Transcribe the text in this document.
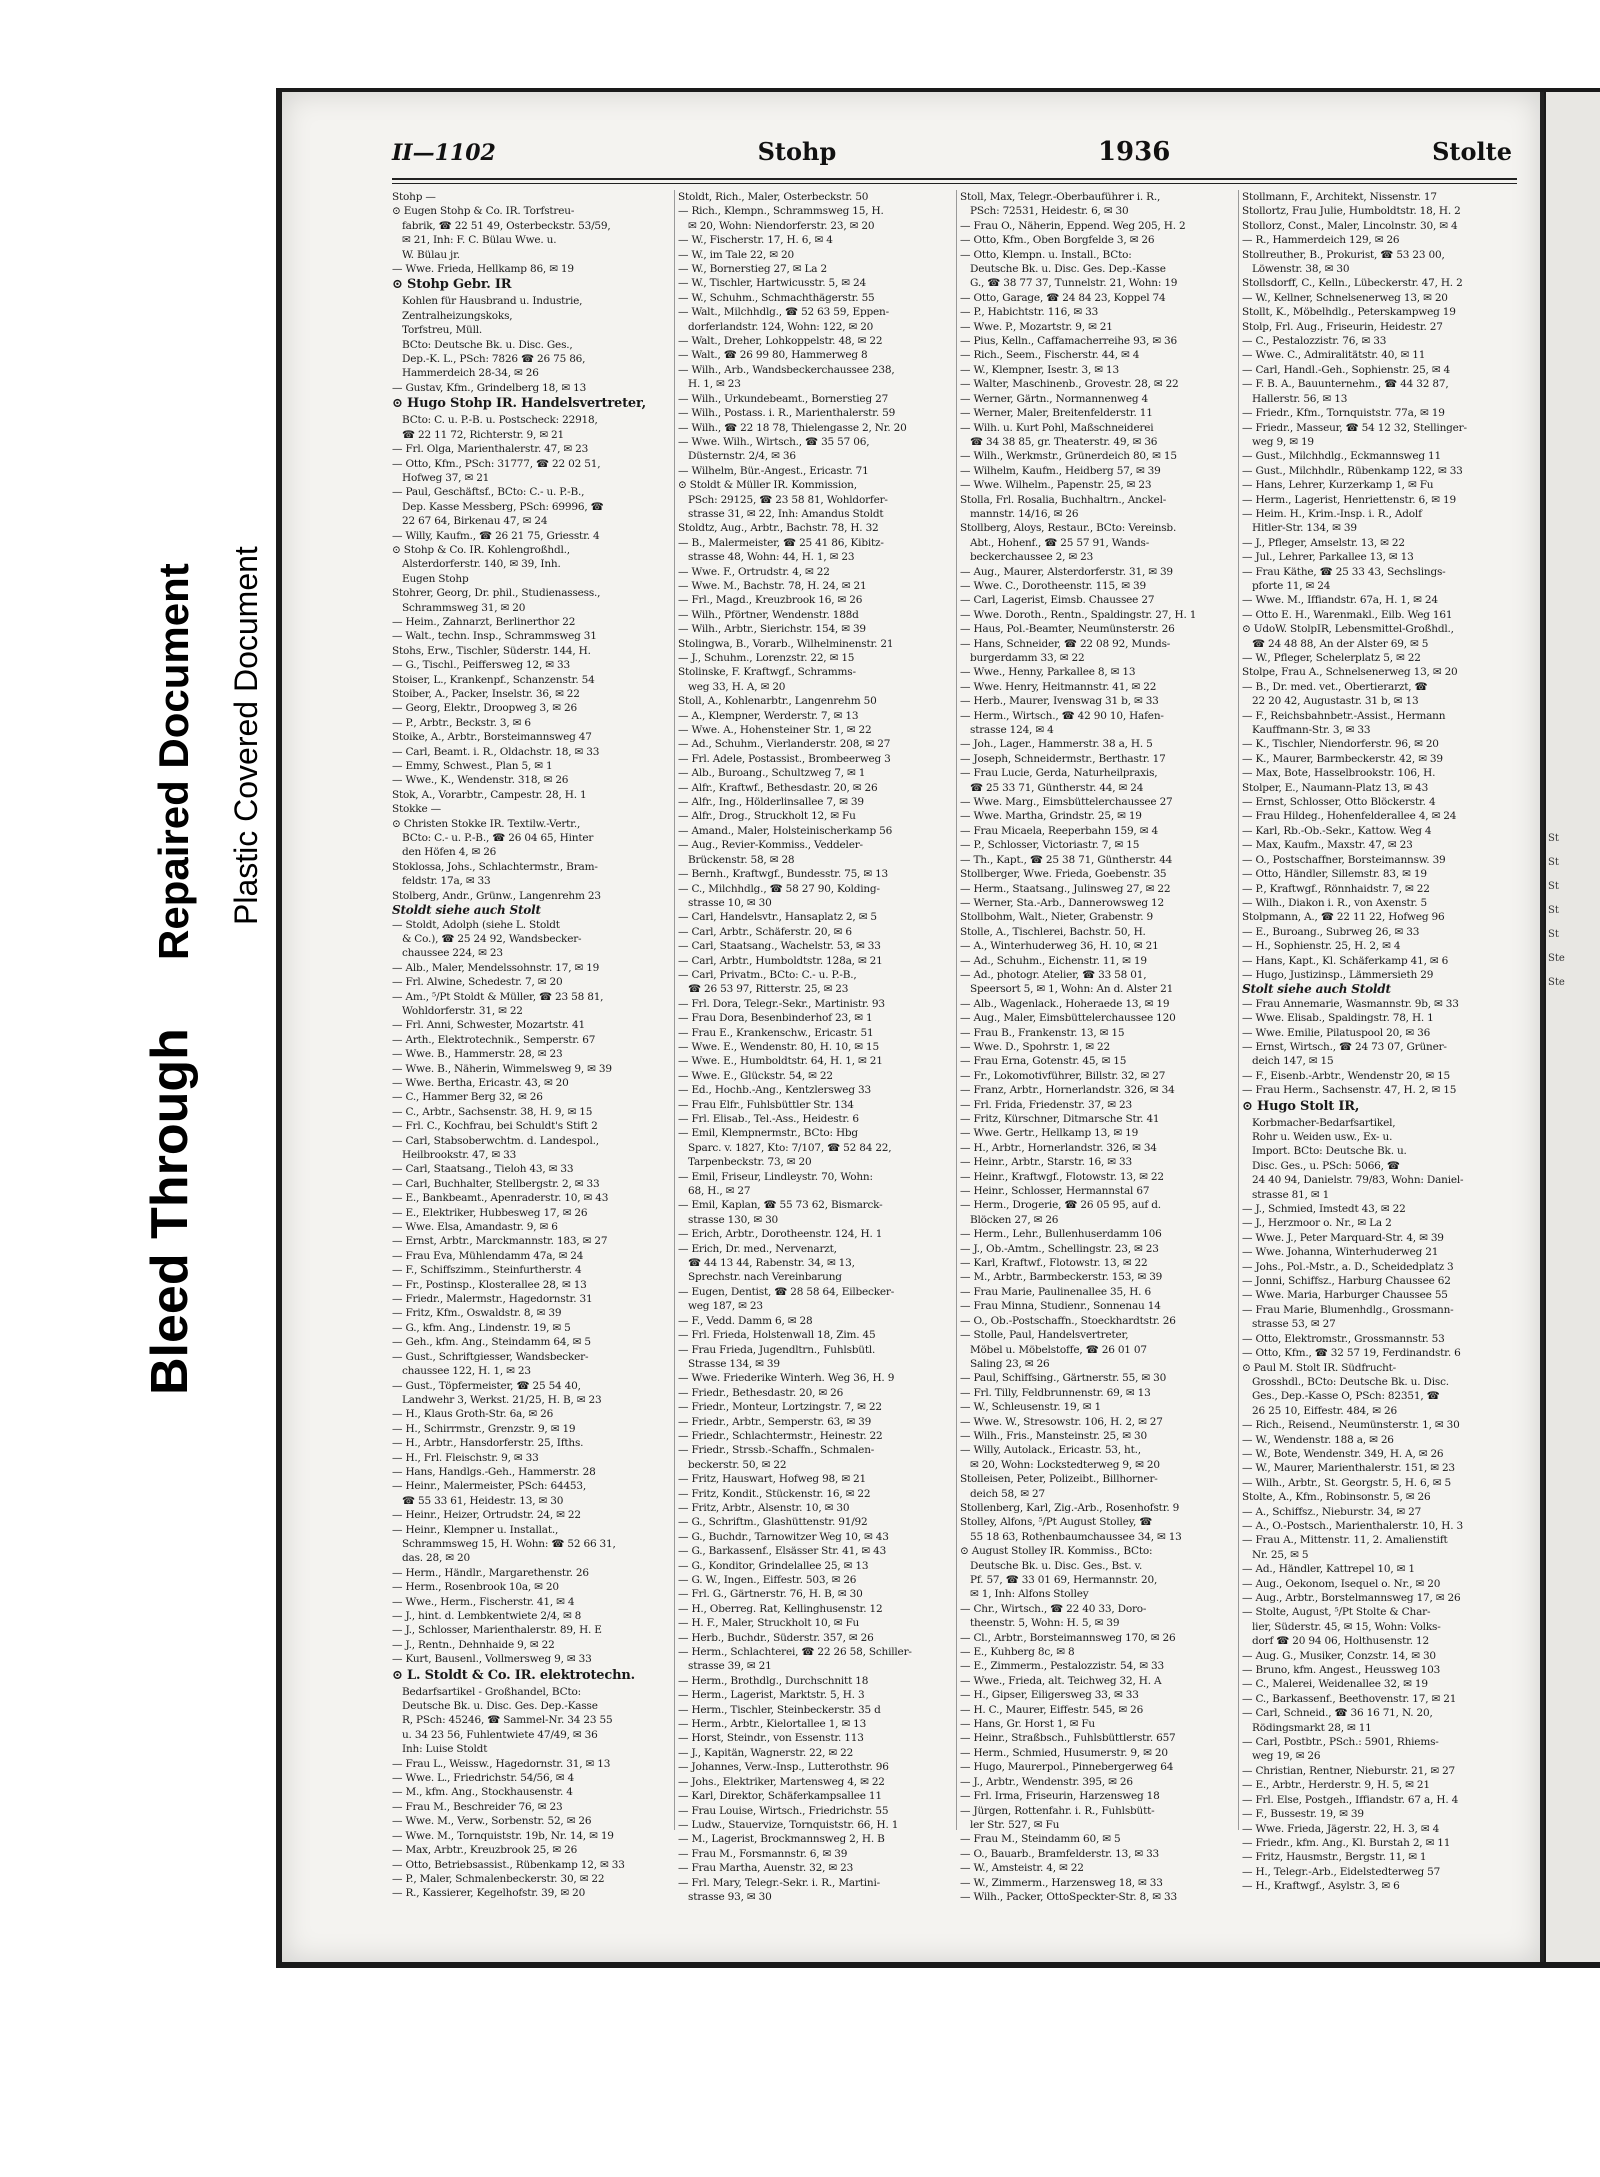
Bleed Through
Repaired Document Plastic Covered Document
II—1102	Stohp	1936	Stolte
Stohp —
⊙ Eugen Stohp & Co. IR. Torfstreu-
fabrik, ☎ 22 51 49, Osterbeckstr. 53/59,
✉ 21, Inh: F. C. Bülau Wwe. u.
W. Bülau jr.
— Wwe. Frieda, Hellkamp 86, ✉ 19
⊙ Stohp Gebr. IR
Kohlen für Hausbrand u. Industrie,
Zentralheizungskoks,
Torfstreu, Müll.
BCto: Deutsche Bk. u. Disc. Ges.,
Dep.-K. L., PSch: 7826 ☎ 26 75 86,
Hammerdeich 28-34, ✉ 26
— Gustav, Kfm., Grindelberg 18, ✉ 13
⊙ Hugo Stohp IR. Handelsvertreter,
BCto: C. u. P.-B. u. Postscheck: 22918,
☎ 22 11 72, Richterstr. 9, ✉ 21
— Frl. Olga, Marienthalerstr. 47, ✉ 23
— Otto, Kfm., PSch: 31777, ☎ 22 02 51,
Hofweg 37, ✉ 21
— Paul, Geschäftsf., BCto: C.- u. P.-B.,
Dep. Kasse Messberg, PSch: 69996, ☎
22 67 64, Birkenau 47, ✉ 24
— Willy, Kaufm., ☎ 26 21 75, Griesstr. 4
⊙ Stohp & Co. IR. Kohlengroßhdl.,
Alsterdorferstr. 140, ✉ 39, Inh.
Eugen Stohp
Stohrer, Georg, Dr. phil., Studienassess.,
Schrammsweg 31, ✉ 20
— Heim., Zahnarzt, Berlinerthor 22
— Walt., techn. Insp., Schrammsweg 31
Stohs, Erw., Tischler, Süderstr. 144, H.
— G., Tischl., Peiffersweg 12, ✉ 33
Stoiser, L., Krankenpf., Schanzenstr. 54
Stoiber, A., Packer, Inselstr. 36, ✉ 22
— Georg, Elektr., Droopweg 3, ✉ 26
— P., Arbtr., Beckstr. 3, ✉ 6
Stoike, A., Arbtr., Borsteimannsweg 47
— Carl, Beamt. i. R., Oldachstr. 18, ✉ 33
— Emmy, Schwest., Plan 5, ✉ 1
— Wwe., K., Wendenstr. 318, ✉ 26
Stok, A., Vorarbtr., Campestr. 28, H. 1
Stokke —
⊙ Christen Stokke IR. Textilw.-Vertr.,
BCto: C.- u. P.-B., ☎ 26 04 65, Hinter
den Höfen 4, ✉ 26
Stoklossa, Johs., Schlachtermstr., Bram-
feldstr. 17a, ✉ 33
Stolberg, Andr., Grünw., Langenrehm 23
Stoldt siehe auch Stolt
— Stoldt, Adolph (siehe L. Stoldt
& Co.), ☎ 25 24 92, Wandsbecker-
chaussee 224, ✉ 23
— Alb., Maler, Mendelssohnstr. 17, ✉ 19
— Frl. Alwine, Schedestr. 7, ✉ 20
— Am., ⁵/Pt Stoldt & Müller, ☎ 23 58 81,
Wohldorferstr. 31, ✉ 22
— Frl. Anni, Schwester, Mozartstr. 41
— Arth., Elektrotechnik., Semperstr. 67
— Wwe. B., Hammerstr. 28, ✉ 23
— Wwe. B., Näherin, Wimmelsweg 9, ✉ 39
— Wwe. Bertha, Ericastr. 43, ✉ 20
— C., Hammer Berg 32, ✉ 26
— C., Arbtr., Sachsenstr. 38, H. 9, ✉ 15
— Frl. C., Kochfrau, bei Schuldt's Stift 2
— Carl, Stabsoberwchtm. d. Landespol.,
Heilbrookstr. 47, ✉ 33
— Carl, Staatsang., Tieloh 43, ✉ 33
— Carl, Buchhalter, Stellbergstr. 2, ✉ 33
— E., Bankbeamt., Apenraderstr. 10, ✉ 43
— E., Elektriker, Hubbesweg 17, ✉ 26
— Wwe. Elsa, Amandastr. 9, ✉ 6
— Ernst, Arbtr., Marckmannstr. 183, ✉ 27
— Frau Eva, Mühlendamm 47a, ✉ 24
— F., Schiffszimm., Steinfurtherstr. 4
— Fr., Postinsp., Klosterallee 28, ✉ 13
— Friedr., Malermstr., Hagedornstr. 31
— Fritz, Kfm., Oswaldstr. 8, ✉ 39
— G., kfm. Ang., Lindenstr. 19, ✉ 5
— Geh., kfm. Ang., Steindamm 64, ✉ 5
— Gust., Schriftgiesser, Wandsbecker-
chaussee 122, H. 1, ✉ 23
— Gust., Töpfermeister, ☎ 25 54 40,
Landwehr 3, Werkst. 21/25, H. B, ✉ 23
— H., Klaus Groth-Str. 6a, ✉ 26
— H., Schirrmstr., Grenzstr. 9, ✉ 19
— H., Arbtr., Hansdorferstr. 25, Ifths.
— H., Frl. Fleischstr. 9, ✉ 33
— Hans, Handlgs.-Geh., Hammerstr. 28
— Heinr., Malermeister, PSch: 64453,
☎ 55 33 61, Heidestr. 13, ✉ 30
— Heinr., Heizer, Ortrudstr. 24, ✉ 22
— Heinr., Klempner u. Installat.,
Schrammsweg 15, H. Wohn: ☎ 52 66 31,
das. 28, ✉ 20
— Herm., Händlr., Margarethenstr. 26
— Herm., Rosenbrook 10a, ✉ 20
— Wwe., Herm., Fischerstr. 41, ✉ 4
— J., hint. d. Lembkentwiete 2/4, ✉ 8
— J., Schlosser, Marienthalerstr. 89, H. E
— J., Rentn., Dehnhaide 9, ✉ 22
— Kurt, Bausenl., Vollmersweg 9, ✉ 33
⊙ L. Stoldt & Co. IR. elektrotechn.
Bedarfsartikel - Großhandel, BCto:
Deutsche Bk. u. Disc. Ges. Dep.-Kasse
R, PSch: 45246, ☎ Sammel-Nr. 34 23 55
u. 34 23 56, Fuhlentwiete 47/49, ✉ 36
Inh: Luise Stoldt
— Frau L., Weissw., Hagedornstr. 31, ✉ 13
— Wwe. L., Friedrichstr. 54/56, ✉ 4
— M., kfm. Ang., Stockhausenstr. 4
— Frau M., Beschreider 76, ✉ 23
— Wwe. M., Verw., Sorbenstr. 52, ✉ 26
— Wwe. M., Tornquiststr. 19b, Nr. 14, ✉ 19
— Max, Arbtr., Kreuzbrook 25, ✉ 26
— Otto, Betriebsassist., Rübenkamp 12, ✉ 33
— P., Maler, Schmalenbeckerstr. 30, ✉ 22
— R., Kassierer, Kegelhofstr. 39, ✉ 20
Stoldt, Rich., Maler, Osterbeckstr. 50
— Rich., Klempn., Schrammsweg 15, H.
✉ 20, Wohn: Niendorferstr. 23, ✉ 20
— W., Fischerstr. 17, H. 6, ✉ 4
— W., im Tale 22, ✉ 20
— W., Bornerstieg 27, ✉ La 2
— W., Tischler, Hartwicusstr. 5, ✉ 24
— W., Schuhm., Schmachthägerstr. 55
— Walt., Milchhdlg., ☎ 52 63 59, Eppen-
dorferlandstr. 124, Wohn: 122, ✉ 20
— Walt., Dreher, Lohkoppelstr. 48, ✉ 22
— Walt., ☎ 26 99 80, Hammerweg 8
— Wilh., Arb., Wandsbeckerchaussee 238,
H. 1, ✉ 23
— Wilh., Urkundebeamt., Bornerstieg 27
— Wilh., Postass. i. R., Marienthalerstr. 59
— Wilh., ☎ 22 18 78, Thielengasse 2, Nr. 20
— Wwe. Wilh., Wirtsch., ☎ 35 57 06,
Düsternstr. 2/4, ✉ 36
— Wilhelm, Bür.-Angest., Ericastr. 71
⊙ Stoldt & Müller IR. Kommission,
PSch: 29125, ☎ 23 58 81, Wohldorfer-
strasse 31, ✉ 22, Inh: Amandus Stoldt
Stoldtz, Aug., Arbtr., Bachstr. 78, H. 32
— B., Malermeister, ☎ 25 41 86, Kibitz-
strasse 48, Wohn: 44, H. 1, ✉ 23
— Wwe. F., Ortrudstr. 4, ✉ 22
— Wwe. M., Bachstr. 78, H. 24, ✉ 21
— Frl., Magd., Kreuzbrook 16, ✉ 26
— Wilh., Pförtner, Wendenstr. 188d
— Wilh., Arbtr., Sierichstr. 154, ✉ 39
Stolingwa, B., Vorarb., Wilhelminenstr. 21
— J., Schuhm., Lorenzstr. 22, ✉ 15
Stolinske, F. Kraftwgf., Schramms-
weg 33, H. A, ✉ 20
Stoll, A., Kohlenarbtr., Langenrehm 50
— A., Klempner, Werderstr. 7, ✉ 13
— Wwe. A., Hohensteiner Str. 1, ✉ 22
— Ad., Schuhm., Vierlanderstr. 208, ✉ 27
— Frl. Adele, Postassist., Brombeerweg 3
— Alb., Buroang., Schultzweg 7, ✉ 1
— Alfr., Kraftwf., Bethesdastr. 20, ✉ 26
— Alfr., Ing., Hölderlinsallee 7, ✉ 39
— Alfr., Drog., Struckholt 12, ✉ Fu
— Amand., Maler, Holsteinischerkamp 56
— Aug., Revier-Kommiss., Veddeler-
Brückenstr. 58, ✉ 28
— Bernh., Kraftwgf., Bundesstr. 75, ✉ 13
— C., Milchhdlg., ☎ 58 27 90, Kolding-
strasse 10, ✉ 30
— Carl, Handelsvtr., Hansaplatz 2, ✉ 5
— Carl, Arbtr., Schäferstr. 20, ✉ 6
— Carl, Staatsang., Wachelstr. 53, ✉ 33
— Carl, Arbtr., Humboldtstr. 128a, ✉ 21
— Carl, Privatm., BCto: C.- u. P.-B.,
☎ 26 53 97, Ritterstr. 25, ✉ 23
— Frl. Dora, Telegr.-Sekr., Martinistr. 93
— Frau Dora, Besenbinderhof 23, ✉ 1
— Frau E., Krankenschw., Ericastr. 51
— Wwe. E., Wendenstr. 80, H. 10, ✉ 15
— Wwe. E., Humboldtstr. 64, H. 1, ✉ 21
— Wwe. E., Glückstr. 54, ✉ 22
— Ed., Hochb.-Ang., Kentzlersweg 33
— Frau Elfr., Fuhlsbüttler Str. 134
— Frl. Elisab., Tel.-Ass., Heidestr. 6
— Emil, Klempnermstr., BCto: Hbg
Sparc. v. 1827, Kto: 7/107, ☎ 52 84 22,
Tarpenbeckstr. 73, ✉ 20
— Emil, Friseur, Lindleystr. 70, Wohn:
68, H., ✉ 27
— Emil, Kaplan, ☎ 55 73 62, Bismarck-
strasse 130, ✉ 30
— Erich, Arbtr., Dorotheenstr. 124, H. 1
— Erich, Dr. med., Nervenarzt,
☎ 44 13 44, Rabenstr. 34, ✉ 13,
Sprechstr. nach Vereinbarung
— Eugen, Dentist, ☎ 28 58 64, Eilbecker-
weg 187, ✉ 23
— F., Vedd. Damm 6, ✉ 28
— Frl. Frieda, Holstenwall 18, Zim. 45
— Frau Frieda, Jugendltrn., Fuhlsbütl.
Strasse 134, ✉ 39
— Wwe. Friederike Winterh. Weg 36, H. 9
— Friedr., Bethesdastr. 20, ✉ 26
— Friedr., Monteur, Lortzingstr. 7, ✉ 22
— Friedr., Arbtr., Semperstr. 63, ✉ 39
— Friedr., Schlachtermstr., Heinestr. 22
— Friedr., Strssb.-Schaffn., Schmalen-
beckerstr. 50, ✉ 22
— Fritz, Hauswart, Hofweg 98, ✉ 21
— Fritz, Kondit., Stückenstr. 16, ✉ 22
— Fritz, Arbtr., Alsenstr. 10, ✉ 30
— G., Schriftm., Glashüttenstr. 91/92
— G., Buchdr., Tarnowitzer Weg 10, ✉ 43
— G., Barkassenf., Elsässer Str. 41, ✉ 43
— G., Konditor, Grindelallee 25, ✉ 13
— G. W., Ingen., Eiffestr. 503, ✉ 26
— Frl. G., Gärtnerstr. 76, H. B, ✉ 30
— H., Oberreg. Rat, Kellinghusenstr. 12
— H. F., Maler, Struckholt 10, ✉ Fu
— Herb., Buchdr., Süderstr. 357, ✉ 26
— Herm., Schlachterei, ☎ 22 26 58, Schiller-
strasse 39, ✉ 21
— Herm., Brothdlg., Durchschnitt 18
— Herm., Lagerist, Marktstr. 5, H. 3
— Herm., Tischler, Steinbeckerstr. 35 d
— Herm., Arbtr., Kielortallee 1, ✉ 13
— Horst, Steindr., von Essenstr. 113
— J., Kapitän, Wagnerstr. 22, ✉ 22
— Johannes, Verw.-Insp., Lutterothstr. 96
— Johs., Elektriker, Martensweg 4, ✉ 22
— Karl, Direktor, Schäferkampsallee 11
— Frau Louise, Wirtsch., Friedrichstr. 55
— Ludw., Stauervize, Tornquiststr. 66, H. 1
— M., Lagerist, Brockmannsweg 2, H. B
— Frau M., Forsmannstr. 6, ✉ 39
— Frau Martha, Auenstr. 32, ✉ 23
— Frl. Mary, Telegr.-Sekr. i. R., Martini-
strasse 93, ✉ 30
Stoll, Max, Telegr.-Oberbauführer i. R.,
PSch: 72531, Heidestr. 6, ✉ 30
— Frau O., Näherin, Eppend. Weg 205, H. 2
— Otto, Kfm., Oben Borgfelde 3, ✉ 26
— Otto, Klempn. u. Install., BCto:
Deutsche Bk. u. Disc. Ges. Dep.-Kasse
G., ☎ 38 77 37, Tunnelstr. 21, Wohn: 19
— Otto, Garage, ☎ 24 84 23, Koppel 74
— P., Habichtstr. 116, ✉ 33
— Wwe. P., Mozartstr. 9, ✉ 21
— Pius, Kelln., Caffamacherreihe 93, ✉ 36
— Rich., Seem., Fischerstr. 44, ✉ 4
— W., Klempner, Isestr. 3, ✉ 13
— Walter, Maschinenb., Grovestr. 28, ✉ 22
— Werner, Gärtn., Normannenweg 4
— Werner, Maler, Breitenfelderstr. 11
— Wilh. u. Kurt Pohl, Maßschneiderei
☎ 34 38 85, gr. Theaterstr. 49, ✉ 36
— Wilh., Werkmstr., Grünerdeich 80, ✉ 15
— Wilhelm, Kaufm., Heidberg 57, ✉ 39
— Wwe. Wilhelm., Papenstr. 25, ✉ 23
Stolla, Frl. Rosalia, Buchhaltrn., Anckel-
mannstr. 14/16, ✉ 26
Stollberg, Aloys, Restaur., BCto: Vereinsb.
Abt., Hohenf., ☎ 25 57 91, Wands-
beckerchaussee 2, ✉ 23
— Aug., Maurer, Alsterdorferstr. 31, ✉ 39
— Wwe. C., Dorotheenstr. 115, ✉ 39
— Carl, Lagerist, Eimsb. Chaussee 27
— Wwe. Doroth., Rentn., Spaldingstr. 27, H. 1
— Haus, Pol.-Beamter, Neumünsterstr. 26
— Hans, Schneider, ☎ 22 08 92, Munds-
burgerdamm 33, ✉ 22
— Wwe., Henny, Parkallee 8, ✉ 13
— Wwe. Henry, Heitmannstr. 41, ✉ 22
— Herb., Maurer, Ivenswag 31 b, ✉ 33
— Herm., Wirtsch., ☎ 42 90 10, Hafen-
strasse 124, ✉ 4
— Joh., Lager., Hammerstr. 38 a, H. 5
— Joseph, Schneidermstr., Berthastr. 17
— Frau Lucie, Gerda, Naturheilpraxis,
☎ 25 33 71, Güntherstr. 44, ✉ 24
— Wwe. Marg., Eimsbüttelerchaussee 27
— Wwe. Martha, Grindstr. 25, ✉ 19
— Frau Micaela, Reeperbahn 159, ✉ 4
— P., Schlosser, Victoriastr. 7, ✉ 15
— Th., Kapt., ☎ 25 38 71, Güntherstr. 44
Stollberger, Wwe. Frieda, Goebenstr. 35
— Herm., Staatsang., Julinsweg 27, ✉ 22
— Werner, Sta.-Arb., Dannerowsweg 12
Stollbohm, Walt., Nieter, Grabenstr. 9
Stolle, A., Tischlerei, Bachstr. 50, H.
— A., Winterhuderweg 36, H. 10, ✉ 21
— Ad., Schuhm., Eichenstr. 11, ✉ 19
— Ad., photogr. Atelier, ☎ 33 58 01,
Speersort 5, ✉ 1, Wohn: An d. Alster 21
— Alb., Wagenlack., Hoheraede 13, ✉ 19
— Aug., Maler, Eimsbüttelerchaussee 120
— Frau B., Frankenstr. 13, ✉ 15
— Wwe. D., Spohrstr. 1, ✉ 22
— Frau Erna, Gotenstr. 45, ✉ 15
— Fr., Lokomotivführer, Billstr. 32, ✉ 27
— Franz, Arbtr., Hornerlandstr. 326, ✉ 34
— Frl. Frida, Friedenstr. 37, ✉ 23
— Fritz, Kürschner, Ditmarsche Str. 41
— Wwe. Gertr., Hellkamp 13, ✉ 19
— H., Arbtr., Hornerlandstr. 326, ✉ 34
— Heinr., Arbtr., Starstr. 16, ✉ 33
— Heinr., Kraftwgf., Flotowstr. 13, ✉ 22
— Heinr., Schlosser, Hermannstal 67
— Herm., Drogerie, ☎ 26 05 95, auf d.
Blöcken 27, ✉ 26
— Herm., Lehr., Bullenhuserdamm 106
— J., Ob.-Amtm., Schellingstr. 23, ✉ 23
— Karl, Kraftwf., Flotowstr. 13, ✉ 22
— M., Arbtr., Barmbeckerstr. 153, ✉ 39
— Frau Marie, Paulinenallee 35, H. 6
— Frau Minna, Studienr., Sonnenau 14
— O., Ob.-Postschaffn., Stoeckhardtstr. 26
— Stolle, Paul, Handelsvertreter,
Möbel u. Möbelstoffe, ☎ 26 01 07
Saling 23, ✉ 26
— Paul, Schiffsing., Gärtnerstr. 55, ✉ 30
— Frl. Tilly, Feldbrunnenstr. 69, ✉ 13
— W., Schleusenstr. 19, ✉ 1
— Wwe. W., Stresowstr. 106, H. 2, ✉ 27
— Wilh., Fris., Mansteinstr. 25, ✉ 30
— Willy, Autolack., Ericastr. 53, ht.,
✉ 20, Wohn: Lockstedterweg 9, ✉ 20
Stolleisen, Peter, Polizeibt., Billhorner-
deich 58, ✉ 27
Stollenberg, Karl, Zig.-Arb., Rosenhofstr. 9
Stolley, Alfons, ⁵/Pt August Stolley, ☎
55 18 63, Rothenbaumchaussee 34, ✉ 13
⊙ August Stolley IR. Kommiss., BCto:
Deutsche Bk. u. Disc. Ges., Bst. v.
Pf. 57, ☎ 33 01 69, Hermannstr. 20,
✉ 1, Inh: Alfons Stolley
— Chr., Wirtsch., ☎ 22 40 33, Doro-
theenstr. 5, Wohn: H. 5, ✉ 39
— Cl., Arbtr., Borsteimannsweg 170, ✉ 26
— E., Kuhberg 8c, ✉ 8
— E., Zimmerm., Pestalozzistr. 54, ✉ 33
— Wwe., Frieda, alt. Teichweg 32, H. A
— H., Gipser, Eiligersweg 33, ✉ 33
— H. C., Maurer, Eiffestr. 545, ✉ 26
— Hans, Gr. Horst 1, ✉ Fu
— Heinr., Straßbsch., Fuhlsbüttlerstr. 657
— Herm., Schmied, Husumerstr. 9, ✉ 20
— Hugo, Maurerpol., Pinnebergerweg 64
— J., Arbtr., Wendenstr. 395, ✉ 26
— Frl. Irma, Friseurin, Harzensweg 18
— Jürgen, Rottenfahr. i. R., Fuhlsbütt-
ler Str. 527, ✉ Fu
— Frau M., Steindamm 60, ✉ 5
— O., Bauarb., Bramfelderstr. 13, ✉ 33
— W., Amsteistr. 4, ✉ 22
— W., Zimmerm., Harzensweg 18, ✉ 33
— Wilh., Packer, OttoSpeckter-Str. 8, ✉ 33
Stollmann, F., Architekt, Nissenstr. 17
Stollortz, Frau Julie, Humboldtstr. 18, H. 2
Stollorz, Const., Maler, Lincolnstr. 30, ✉ 4
— R., Hammerdeich 129, ✉ 26
Stollreuther, B., Prokurist, ☎ 53 23 00,
Löwenstr. 38, ✉ 30
Stollsdorff, C., Kelln., Lübeckerstr. 47, H. 2
— W., Kellner, Schnelsenerweg 13, ✉ 20
Stollt, K., Möbelhdlg., Peterskampweg 19
Stolp, Frl. Aug., Friseurin, Heidestr. 27
— C., Pestalozzistr. 76, ✉ 33
— Wwe. C., Admiralitätstr. 40, ✉ 11
— Carl, Handl.-Geh., Sophienstr. 25, ✉ 4
— F. B. A., Bauunternehm., ☎ 44 32 87,
Hallerstr. 56, ✉ 13
— Friedr., Kfm., Tornquiststr. 77a, ✉ 19
— Friedr., Masseur, ☎ 54 12 32, Stellinger-
weg 9, ✉ 19
— Gust., Milchhdlg., Eckmannsweg 11
— Gust., Milchhdlr., Rübenkamp 122, ✉ 33
— Hans, Lehrer, Kurzerkamp 1, ✉ Fu
— Herm., Lagerist, Henriettenstr. 6, ✉ 19
— Heim. H., Krim.-Insp. i. R., Adolf
Hitler-Str. 134, ✉ 39
— J., Pfleger, Amselstr. 13, ✉ 22
— Jul., Lehrer, Parkallee 13, ✉ 13
— Frau Käthe, ☎ 25 33 43, Sechslings-
pforte 11, ✉ 24
— Wwe. M., Iffiandstr. 67a, H. 1, ✉ 24
— Otto E. H., Warenmakl., Eilb. Weg 161
⊙ UdoW. StolpIR, Lebensmittel-Großhdl.,
☎ 24 48 88, An der Alster 69, ✉ 5
— W., Pfleger, Schelerplatz 5, ✉ 22
Stolpe, Frau A., Schnelsenerweg 13, ✉ 20
— B., Dr. med. vet., Obertierarzt, ☎
22 20 42, Augustastr. 31 b, ✉ 13
— F., Reichsbahnbetr.-Assist., Hermann
Kauffmann-Str. 3, ✉ 33
— K., Tischler, Niendorferstr. 96, ✉ 20
— K., Maurer, Barmbeckerstr. 42, ✉ 39
— Max, Bote, Hasselbrookstr. 106, H.
Stolper, E., Naumann-Platz 13, ✉ 43
— Ernst, Schlosser, Otto Blöckerstr. 4
— Frau Hildeg., Hohenfelderallee 4, ✉ 24
— Karl, Rb.-Ob.-Sekr., Kattow. Weg 4
— Max, Kaufm., Maxstr. 47, ✉ 23
— O., Postschaffner, Borsteimannsw. 39
— Otto, Händler, Sillemstr. 83, ✉ 19
— P., Kraftwgf., Rönnhaidstr. 7, ✉ 22
— Wilh., Diakon i. R., von Axenstr. 5
Stolpmann, A., ☎ 22 11 22, Hofweg 96
— E., Buroang., Subrweg 26, ✉ 33
— H., Sophienstr. 25, H. 2, ✉ 4
— Hans, Kapt., Kl. Schäferkamp 41, ✉ 6
— Hugo, Justizinsp., Lämmersieth 29
Stolt siehe auch Stoldt
— Frau Annemarie, Wasmannstr. 9b, ✉ 33
— Wwe. Elisab., Spaldingstr. 78, H. 1
— Wwe. Emilie, Pilatuspool 20, ✉ 36
— Ernst, Wirtsch., ☎ 24 73 07, Grüner-
deich 147, ✉ 15
— F., Eisenb.-Arbtr., Wendenstr 20, ✉ 15
— Frau Herm., Sachsenstr. 47, H. 2, ✉ 15
⊙ Hugo Stolt IR,
Korbmacher-Bedarfsartikel,
Rohr u. Weiden usw., Ex- u.
Import. BCto: Deutsche Bk. u.
Disc. Ges., u. PSch: 5066, ☎
24 40 94, Danielstr. 79/83, Wohn: Daniel-
strasse 81, ✉ 1
— J., Schmied, Imstedt 43, ✉ 22
— J., Herzmoor o. Nr., ✉ La 2
— Wwe. J., Peter Marquard-Str. 4, ✉ 39
— Wwe. Johanna, Winterhuderweg 21
— Johs., Pol.-Mstr., a. D., Scheidedplatz 3
— Jonni, Schiffsz., Harburg Chaussee 62
— Wwe. Maria, Harburger Chaussee 55
— Frau Marie, Blumenhdlg., Grossmann-
strasse 53, ✉ 27
— Otto, Elektromstr., Grossmannstr. 53
— Otto, Kfm., ☎ 32 57 19, Ferdinandstr. 6
⊙ Paul M. Stolt IR. Südfrucht-
Grosshdl., BCto: Deutsche Bk. u. Disc.
Ges., Dep.-Kasse O, PSch: 82351, ☎
26 25 10, Eiffestr. 484, ✉ 26
— Rich., Reisend., Neumünsterstr. 1, ✉ 30
— W., Wendenstr. 188 a, ✉ 26
— W., Bote, Wendenstr. 349, H. A, ✉ 26
— W., Maurer, Marienthalerstr. 151, ✉ 23
— Wilh., Arbtr., St. Georgstr. 5, H. 6, ✉ 5
Stolte, A., Kfm., Robinsonstr. 5, ✉ 26
— A., Schiffsz., Nieburstr. 34, ✉ 27
— A., O.-Postsch., Marienthalerstr. 10, H. 3
— Frau A., Mittenstr. 11, 2. Amalienstift
Nr. 25, ✉ 5
— Ad., Händler, Kattrepel 10, ✉ 1
— Aug., Oekonom, Isequel o. Nr., ✉ 20
— Aug., Arbtr., Borstelmannsweg 17, ✉ 26
— Stolte, August, ⁵/Pt Stolte & Char-
lier, Süderstr. 45, ✉ 15, Wohn: Volks-
dorf ☎ 20 94 06, Holthusenstr. 12
— Aug. G., Musiker, Conzstr. 14, ✉ 30
— Bruno, kfm. Angest., Heussweg 103
— C., Malerei, Weidenallee 32, ✉ 19
— C., Barkassenf., Beethovenstr. 17, ✉ 21
— Carl, Schneid., ☎ 36 16 71, N. 20,
Rödingsmarkt 28, ✉ 11
— Carl, Postbtr., PSch.: 5901, Rhiems-
weg 19, ✉ 26
— Christian, Rentner, Nieburstr. 21, ✉ 27
— E., Arbtr., Herderstr. 9, H. 5, ✉ 21
— Frl. Else, Postgeh., Iffiandstr. 67 a, H. 4
— F., Bussestr. 19, ✉ 39
— Wwe. Frieda, Jägerstr. 22, H. 3, ✉ 4
— Friedr., kfm. Ang., Kl. Burstah 2, ✉ 11
— Fritz, Hausmstr., Bergstr. 11, ✉ 1
— H., Telegr.-Arb., Eidelstedterweg 57
— H., Kraftwgf., Asylstr. 3, ✉ 6
St
St
St
St
St
Ste
Ste
